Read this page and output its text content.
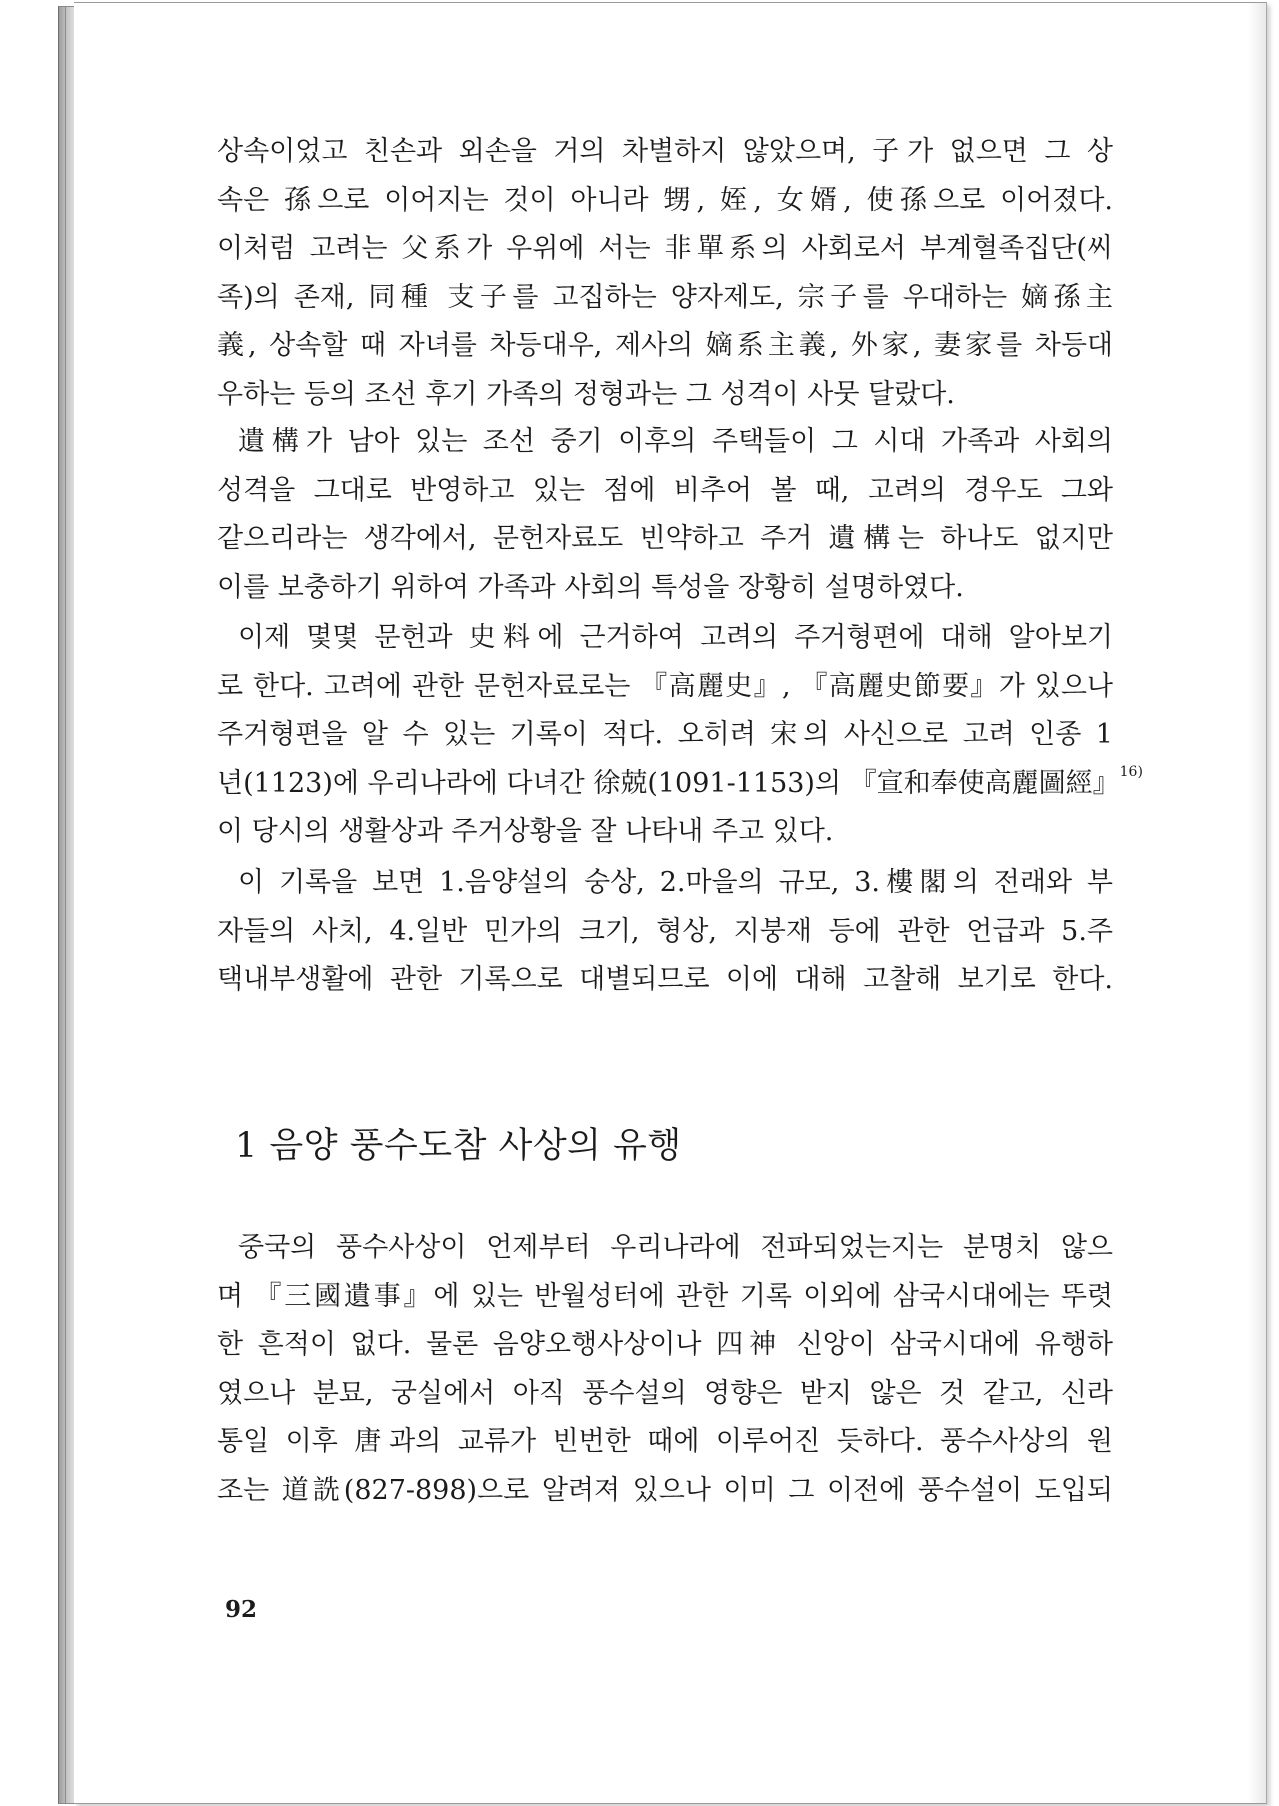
상속이었고 친손과 외손을 거의 차별하지 않았으며, 子가 없으면 그 상
속은 孫으로 이어지는 것이 아니라 甥, 姪, 女婿, 使孫으로 이어졌다.
이처럼 고려는 父系가 우위에 서는 非單系의 사회로서 부계혈족집단(씨
족)의 존재, 同種 支子를 고집하는 양자제도, 宗子를 우대하는 嫡孫主
義, 상속할 때 자녀를 차등대우, 제사의 嫡系主義, 外家, 妻家를 차등대
우하는 등의 조선 후기 가족의 정형과는 그 성격이 사뭇 달랐다.
遺構가 남아 있는 조선 중기 이후의 주택들이 그 시대 가족과 사회의
성격을 그대로 반영하고 있는 점에 비추어 볼 때, 고려의 경우도 그와
같으리라는 생각에서, 문헌자료도 빈약하고 주거 遺構는 하나도 없지만
이를 보충하기 위하여 가족과 사회의 특성을 장황히 설명하였다.
이제 몇몇 문헌과 史料에 근거하여 고려의 주거형편에 대해 알아보기
로 한다. 고려에 관한 문헌자료로는 『高麗史』, 『高麗史節要』가 있으나
주거형편을 알 수 있는 기록이 적다. 오히려 宋의 사신으로 고려 인종 1
년(1123)에 우리나라에 다녀간 徐兢(1091-1153)의 『宣和奉使高麗圖經』$^{16)}$
이 당시의 생활상과 주거상황을 잘 나타내 주고 있다.
이 기록을 보면 1.음양설의 숭상, 2.마을의 규모, 3.樓閣의 전래와 부
자들의 사치, 4.일반 민가의 크기, 형상, 지붕재 등에 관한 언급과 5.주
택내부생활에 관한 기록으로 대별되므로 이에 대해 고찰해 보기로 한다.
1 음양 풍수도참 사상의 유행
중국의 풍수사상이 언제부터 우리나라에 전파되었는지는 분명치 않으
며 『三國遺事』에 있는 반월성터에 관한 기록 이외에 삼국시대에는 뚜렷
한 흔적이 없다. 물론 음양오행사상이나 四神 신앙이 삼국시대에 유행하
였으나 분묘, 궁실에서 아직 풍수설의 영향은 받지 않은 것 같고, 신라
통일 이후 唐과의 교류가 빈번한 때에 이루어진 듯하다. 풍수사상의 원
조는 道詵(827-898)으로 알려져 있으나 이미 그 이전에 풍수설이 도입되
92
